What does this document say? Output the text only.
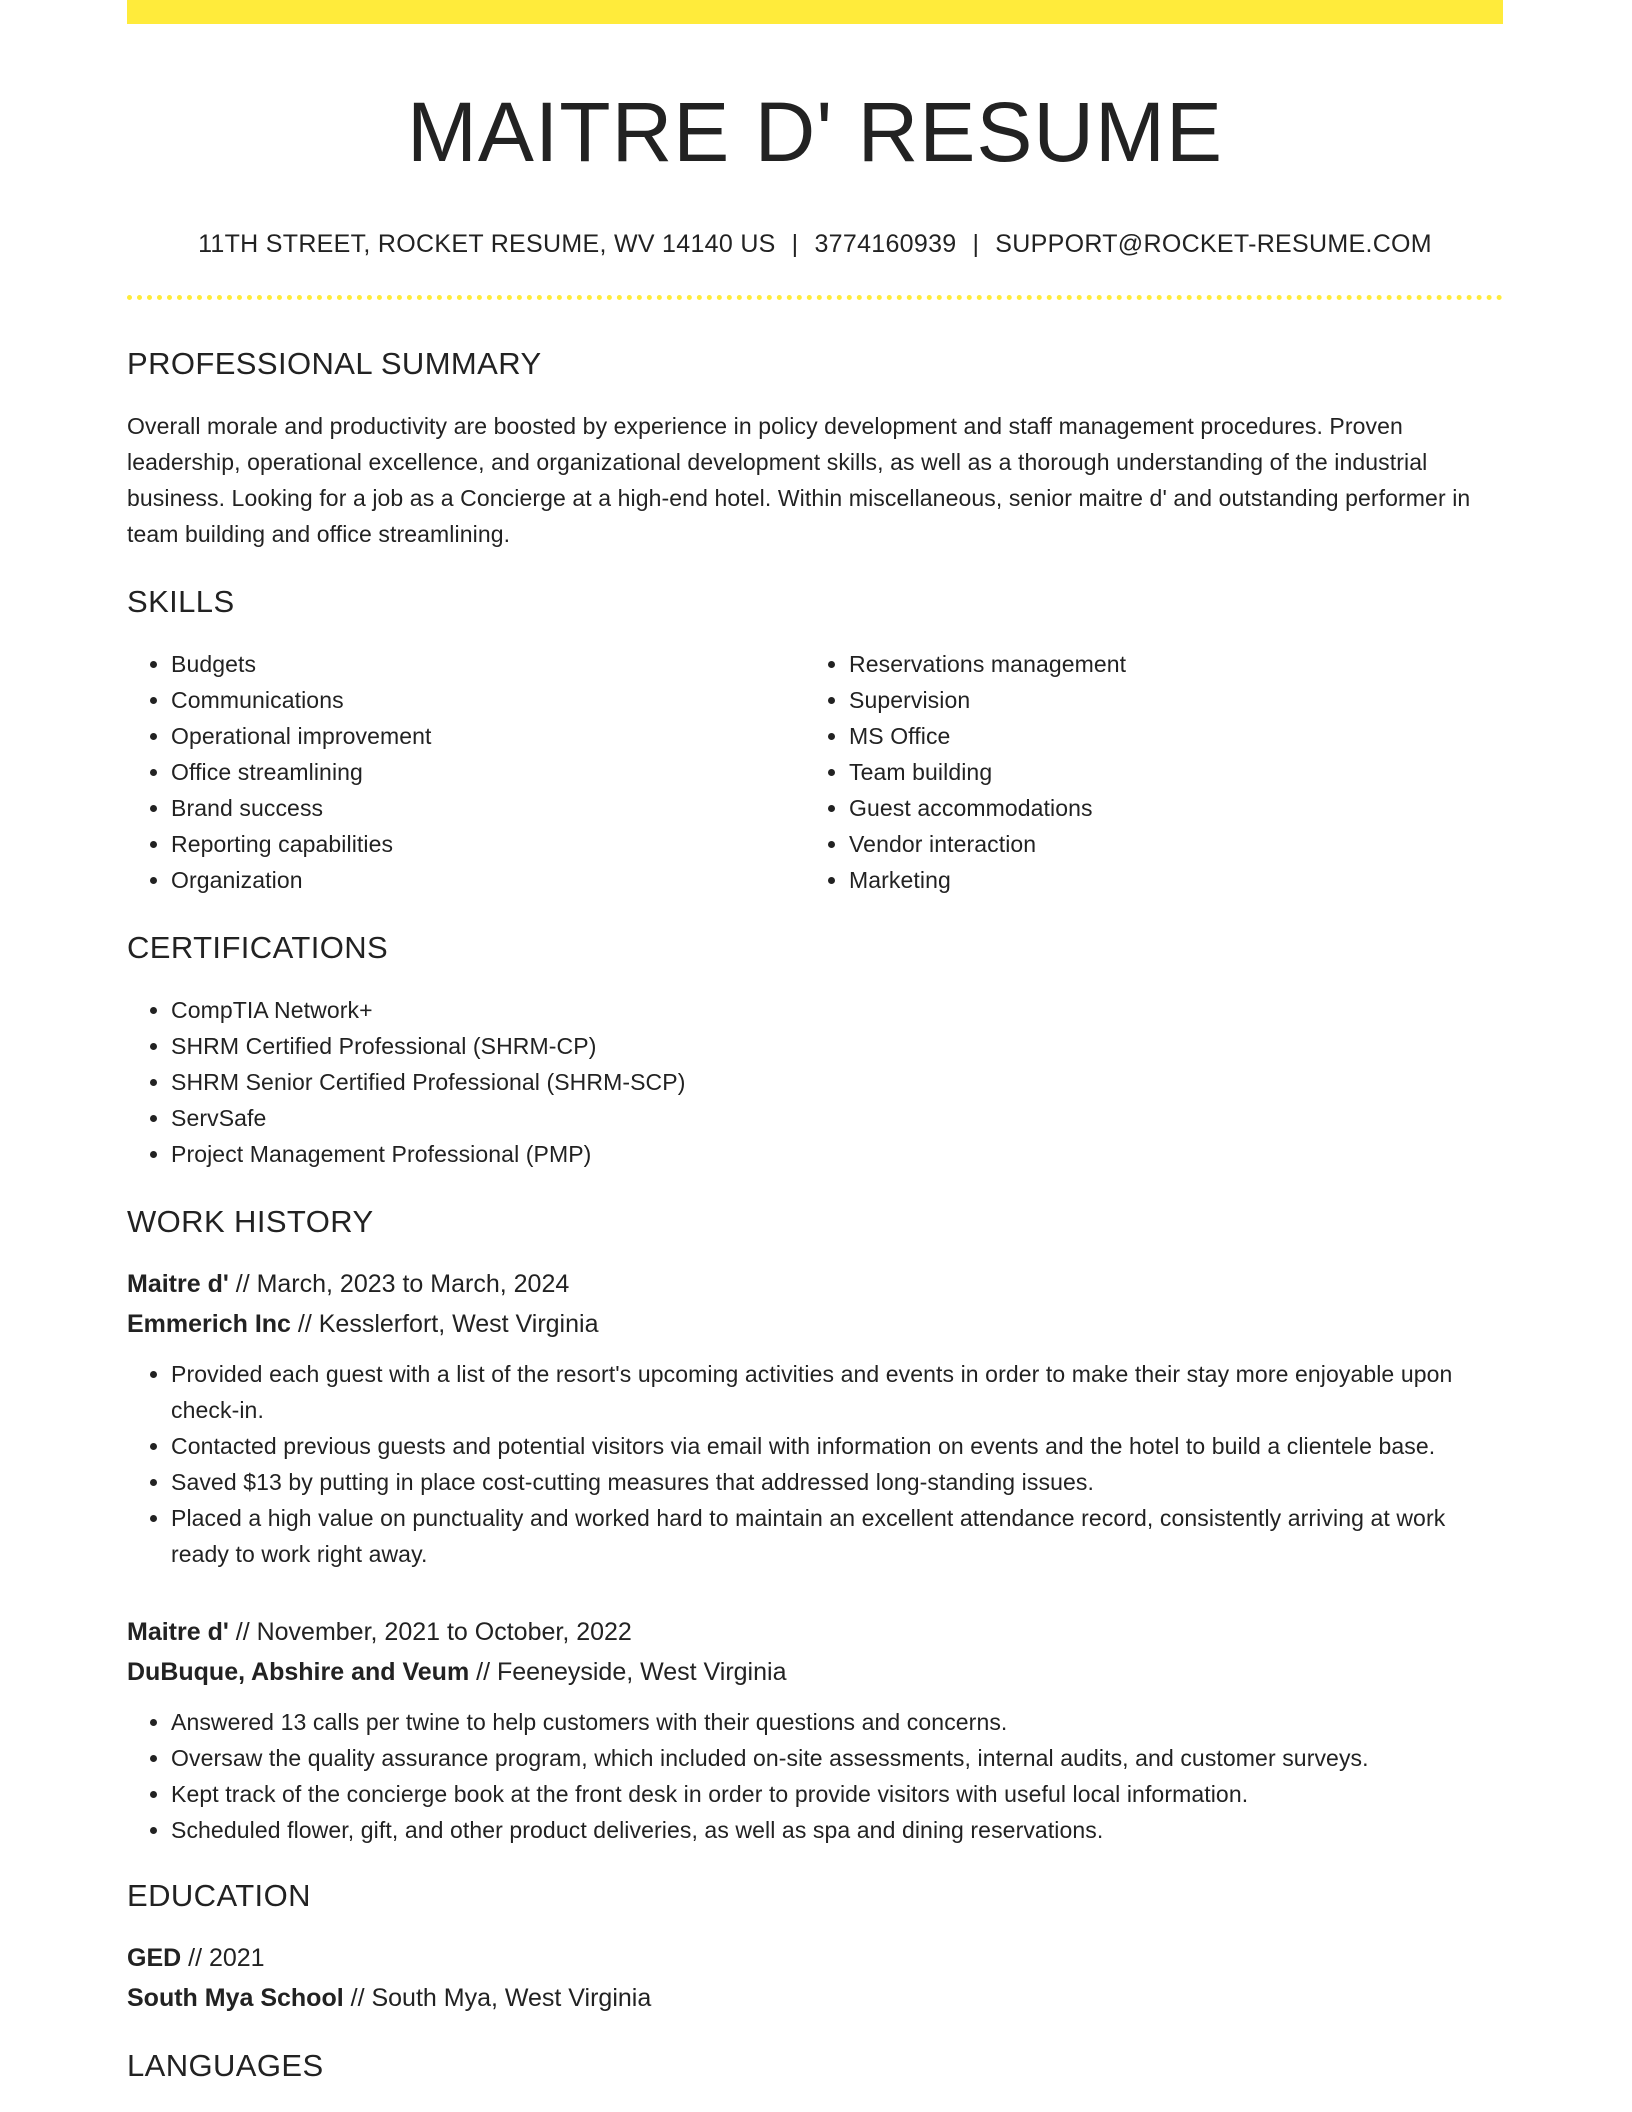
MAITRE D' RESUME
11TH STREET, ROCKET RESUME, WV 14140 US | 3774160939 | SUPPORT@ROCKET-RESUME.COM
PROFESSIONAL SUMMARY

Overall morale and productivity are boosted by experience in policy development and staff management procedures. Proven leadership, operational excellence, and organizational development skills, as well as a thorough understanding of the industrial business. Looking for a job as a Concierge at a high-end hotel. Within miscellaneous, senior maitre d' and outstanding performer in team building and office streamlining.

SKILLS
• Budgets
• Communications
• Operational improvement
• Office streamlining
• Brand success
• Reporting capabilities
• Organization
• Reservations management
• Supervision
• MS Office
• Team building
• Guest accommodations
• Vendor interaction
• Marketing
CERTIFICATIONS
• CompTIA Network+
• SHRM Certified Professional (SHRM-CP)
• SHRM Senior Certified Professional (SHRM-SCP)
• ServSafe
• Project Management Professional (PMP)
WORK HISTORY

Maitre d' // March, 2023 to March, 2024

Emmerich Inc // Kesslerfort, West Virginia

• Provided each guest with a list of the resort's upcoming activities and events in order to make their stay more enjoyable upon check-in.
• Contacted previous guests and potential visitors via email with information on events and the hotel to build a clientele base.
• Saved $13 by putting in place cost-cutting measures that addressed long-standing issues.
• Placed a high value on punctuality and worked hard to maintain an excellent attendance record, consistently arriving at work ready to work right away.

Maitre d' // November, 2021 to October, 2022

DuBuque, Abshire and Veum // Feeneyside, West Virginia

• Answered 13 calls per twine to help customers with their questions and concerns.
• Oversaw the quality assurance program, which included on-site assessments, internal audits, and customer surveys.
• Kept track of the concierge book at the front desk in order to provide visitors with useful local information.
• Scheduled flower, gift, and other product deliveries, as well as spa and dining reservations.
EDUCATION

GED // 2021

South Mya School // South Mya, West Virginia

LANGUAGES
